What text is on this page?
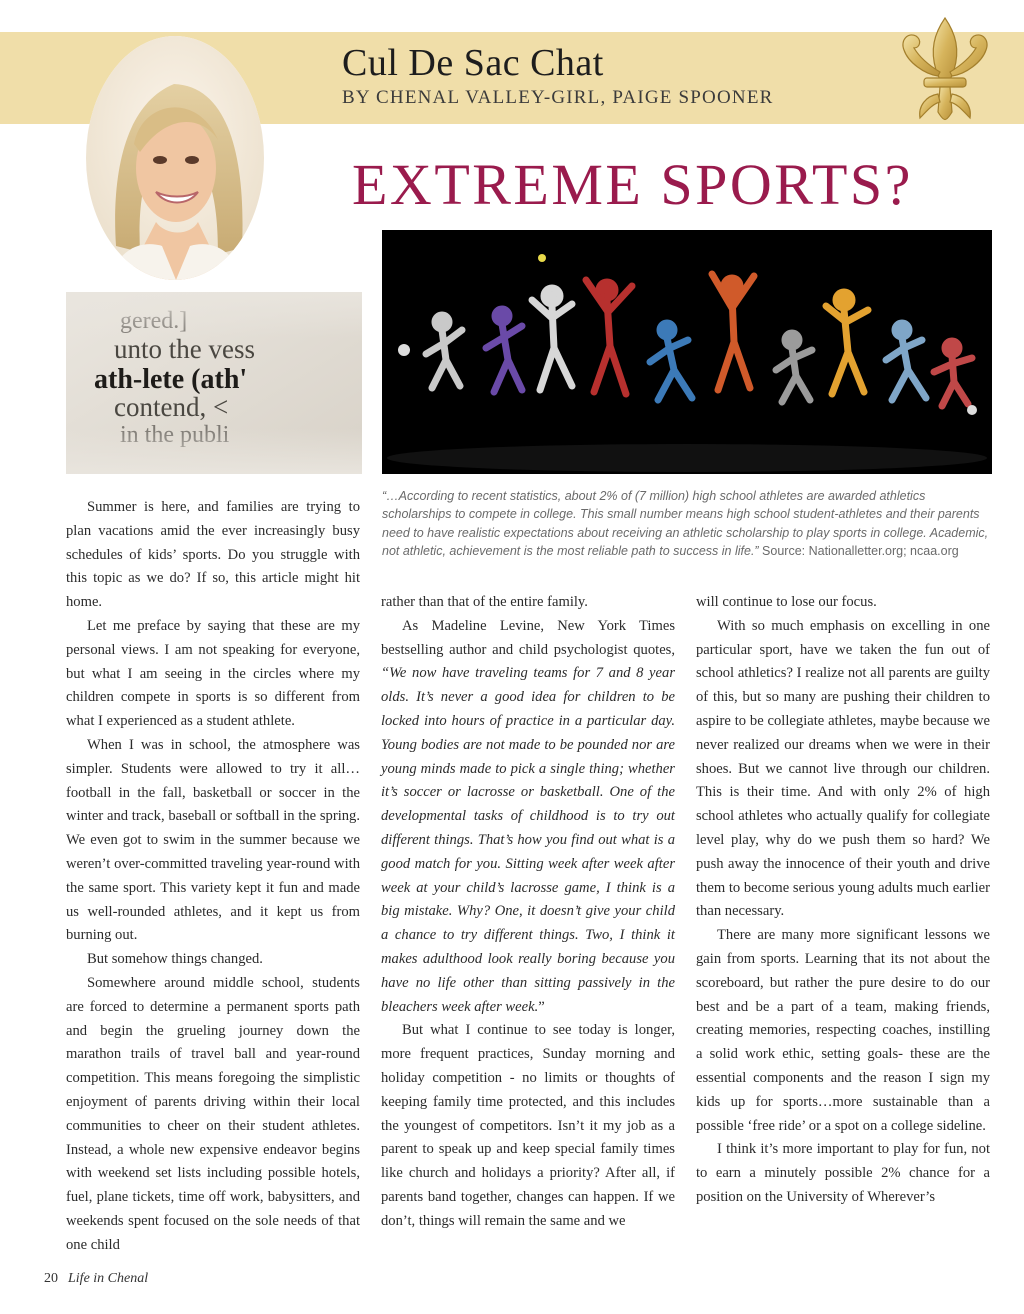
Cul De Sac Chat
BY CHENAL VALLEY-GIRL, PAIGE SPOONER
EXTREME SPORTS?
“…According to recent statistics, about 2% of (7 million) high school athletes are awarded athletics scholarships to compete in college. This small number means high school student-athletes and their parents need to have realistic expectations about receiving an athletic scholarship to play sports in college. Academic, not athletic, achievement is the most reliable path to success in life.” Source: Nationalletter.org; ncaa.org

Summer is here, and families are trying to plan vacations amid the ever increasingly busy schedules of kids’ sports. Do you struggle with this topic as we do? If so, this article might hit home.

Let me preface by saying that these are my personal views. I am not speaking for everyone, but what I am seeing in the circles where my children compete in sports is so different from what I experienced as a student athlete.

When I was in school, the atmosphere was simpler. Students were allowed to try it all… football in the fall, basketball or soccer in the winter and track, baseball or softball in the spring. We even got to swim in the summer because we weren’t over-committed traveling year-round with the same sport. This variety kept it fun and made us well-rounded athletes, and it kept us from burning out.

But somehow things changed.

Somewhere around middle school, students are forced to determine a permanent sports path and begin the grueling journey down the marathon trails of travel ball and year-round competition. This means foregoing the simplistic enjoyment of parents driving within their local communities to cheer on their student athletes. Instead, a whole new expensive endeavor begins with weekend set lists including possible hotels, fuel, plane tickets, time off work, babysitters, and weekends spent focused on the sole needs of that one child

rather than that of the entire family.

As Madeline Levine, New York Times bestselling author and child psychologist quotes, “We now have traveling teams for 7 and 8 year olds. It’s never a good idea for children to be locked into hours of practice in a particular day. Young bodies are not made to be pounded nor are young minds made to pick a single thing; whether it’s soccer or lacrosse or basketball. One of the developmental tasks of childhood is to try out different things. That’s how you find out what is a good match for you. Sitting week after week after week at your child’s lacrosse game, I think is a big mistake. Why? One, it doesn’t give your child a chance to try different things. Two, I think it makes adulthood look really boring because you have no life other than sitting passively in the bleachers week after week.”

But what I continue to see today is longer, more frequent practices, Sunday morning and holiday competition - no limits or thoughts of keeping family time protected, and this includes the youngest of competitors. Isn’t it my job as a parent to speak up and keep special family times like church and holidays a priority? After all, if parents band together, changes can happen. If we don’t, things will remain the same and we

will continue to lose our focus.

With so much emphasis on excelling in one particular sport, have we taken the fun out of school athletics? I realize not all parents are guilty of this, but so many are pushing their children to aspire to be collegiate athletes, maybe because we never realized our dreams when we were in their shoes. But we cannot live through our children. This is their time. And with only 2% of high school athletes who actually qualify for collegiate level play, why do we push them so hard? We push away the innocence of their youth and drive them to become serious young adults much earlier than necessary.

There are many more significant lessons we gain from sports. Learning that its not about the scoreboard, but rather the pure desire to do our best and be a part of a team, making friends, creating memories, respecting coaches, instilling a solid work ethic, setting goals- these are the essential components and the reason I sign my kids up for sports…more sustainable than a possible ‘free ride’ or a spot on a college sideline.

I think it’s more important to play for fun, not to earn a minutely possible 2% chance for a position on the University of Wherever’s

20 Life in Chenal
